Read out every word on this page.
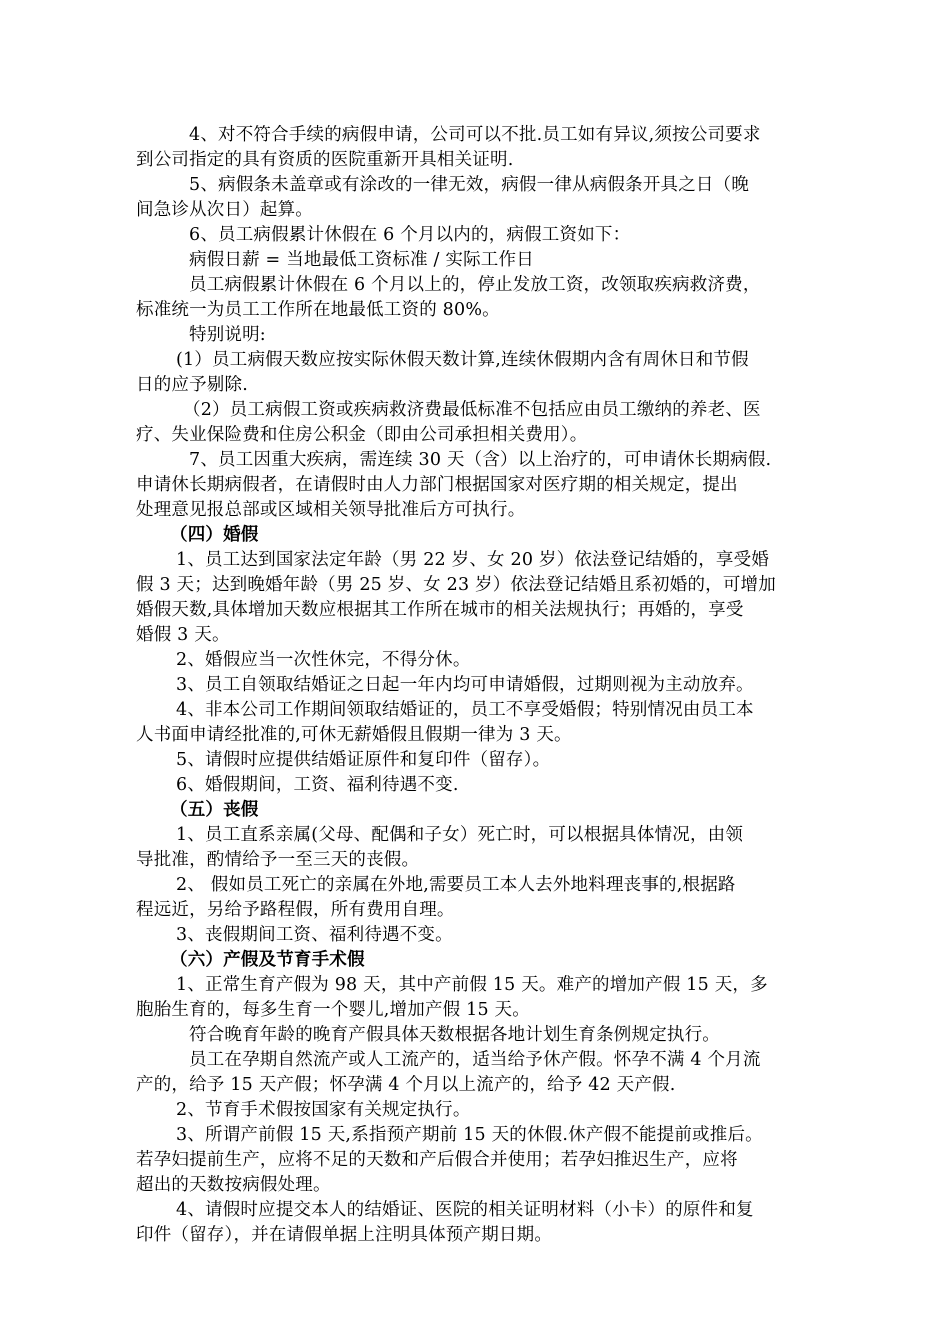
4、对不符合手续的病假申请，公司可以不批.员工如有异议,须按公司要求
到公司指定的具有资质的医院重新开具相关证明.
5、病假条未盖章或有涂改的一律无效，病假一律从病假条开具之日（晚
间急诊从次日）起算。
6、员工病假累计休假在 6 个月以内的，病假工资如下：
病假日薪 = 当地最低工资标准 / 实际工作日
员工病假累计休假在 6 个月以上的，停止发放工资，改领取疾病救济费，
标准统一为员工工作所在地最低工资的 80%。
特别说明:
(1）员工病假天数应按实际休假天数计算,连续休假期内含有周休日和节假
日的应予剔除.
（2）员工病假工资或疾病救济费最低标准不包括应由员工缴纳的养老、医
疗、失业保险费和住房公积金（即由公司承担相关费用）。
7、员工因重大疾病，需连续 30 天（含）以上治疗的，可申请休长期病假.
申请休长期病假者，在请假时由人力部门根据国家对医疗期的相关规定，提出
处理意见报总部或区域相关领导批准后方可执行。
（四）婚假
1、员工达到国家法定年龄（男 22 岁、女 20 岁）依法登记结婚的，享受婚
假 3 天；达到晚婚年龄（男 25 岁、女 23 岁）依法登记结婚且系初婚的，可增加
婚假天数,具体增加天数应根据其工作所在城市的相关法规执行；再婚的，享受
婚假 3 天。
2、婚假应当一次性休完，不得分休。
3、员工自领取结婚证之日起一年内均可申请婚假，过期则视为主动放弃。
4、非本公司工作期间领取结婚证的，员工不享受婚假；特别情况由员工本
人书面申请经批准的,可休无薪婚假且假期一律为 3 天。
5、请假时应提供结婚证原件和复印件（留存）。
6、婚假期间，工资、福利待遇不变.
（五）丧假
1、员工直系亲属(父母、配偶和子女）死亡时，可以根据具体情况，由领
导批准，酌情给予一至三天的丧假。
2、 假如员工死亡的亲属在外地,需要员工本人去外地料理丧事的,根据路
程远近，另给予路程假，所有费用自理。
3、丧假期间工资、福利待遇不变。
（六）产假及节育手术假
1、正常生育产假为 98 天，其中产前假 15 天。难产的增加产假 15 天，多
胞胎生育的，每多生育一个婴儿,增加产假 15 天。
符合晚育年龄的晚育产假具体天数根据各地计划生育条例规定执行。
员工在孕期自然流产或人工流产的，适当给予休产假。怀孕不满 4 个月流
产的，给予 15 天产假；怀孕满 4 个月以上流产的，给予 42 天产假.
2、节育手术假按国家有关规定执行。
3、所谓产前假 15 天,系指预产期前 15 天的休假.休产假不能提前或推后。
若孕妇提前生产，应将不足的天数和产后假合并使用；若孕妇推迟生产，应将
超出的天数按病假处理。
4、请假时应提交本人的结婚证、医院的相关证明材料（小卡）的原件和复
印件（留存），并在请假单据上注明具体预产期日期。
